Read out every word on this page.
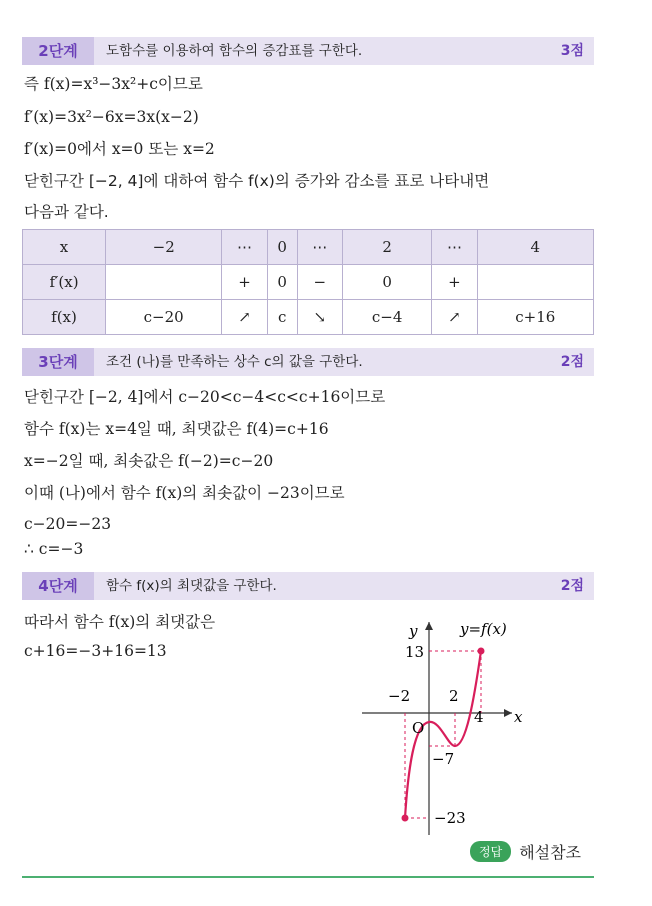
2단계	도함수를 이용하여 함수의 증감표를 구한다.	3점
즉 f(x)=x³−3x²+c이므로
f′(x)=3x²−6x=3x(x−2)
f′(x)=0에서 x=0 또는 x=2
닫힌구간 [−2, 4]에 대하여 함수 f(x)의 증가와 감소를 표로 나타내면
다음과 같다.
x	−2	⋯	0	⋯	2	⋯	4
f′(x)		+	0	−	0	+	
f(x)	c−20	↗	c	↘	c−4	↗	c+16
3단계	조건 (나)를 만족하는 상수 c의 값을 구한다.	2점
닫힌구간 [−2, 4]에서 c−20<c−4<c<c+16이므로
함수 f(x)는 x=4일 때, 최댓값은 f(4)=c+16
x=−2일 때, 최솟값은 f(−2)=c−20
이때 (나)에서 함수 f(x)의 최솟값이 −23이므로
c−20=−23
∴ c=−3
4단계	함수 f(x)의 최댓값을 구한다.	2점
따라서 함수 f(x)의 최댓값은
c+16=−3+16=13
y
x
y=f(x)
O
−2	2
4
13
−7
−23
정답 해설참조
